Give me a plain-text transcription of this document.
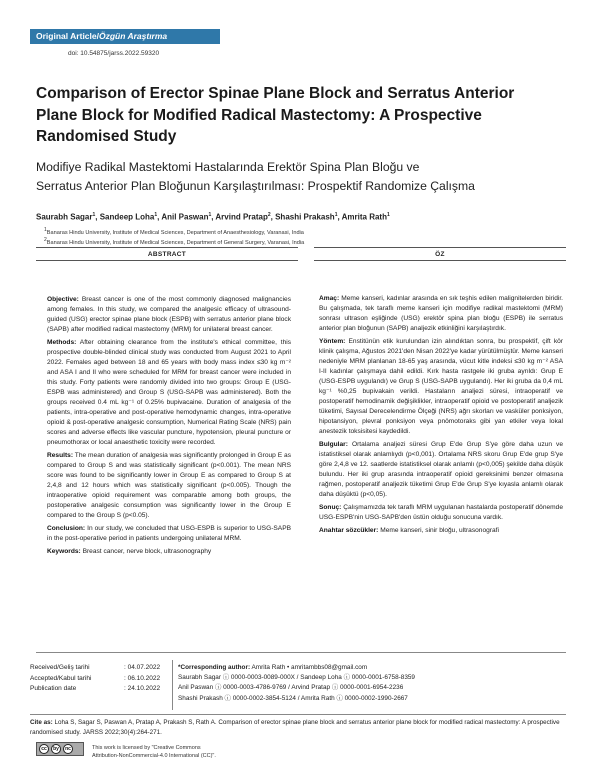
Original Article/Özgün Araştırma
doi: 10.54875/jarss.2022.59320
Comparison of Erector Spinae Plane Block and Serratus Anterior
Plane Block for Modified Radical Mastectomy: A Prospective
Randomised Study
Modifiye Radikal Mastektomi Hastalarında Erektör Spina Plan Bloğu ve
Serratus Anterior Plan Bloğunun Karşılaştırılması: Prospektif Randomize Çalışma
Saurabh Sagar$^1$, Sandeep Loha$^1$, Anil Paswan$^1$, Arvind Pratap$^2$, Shashi Prakash$^1$, Amrita Rath$^1$
$^1$Banaras Hindu University, Institute of Medical Sciences, Department of Anaesthesiology, Varanasi, India
$^2$Banaras Hindu University, Institute of Medical Sciences, Department of General Surgery, Varanasi, India
ABSTRACT	ÖZ

Objective: Breast cancer is one of the most commonly diagnosed malignancies among females. In this study, we compared the analgesic efficacy of ultrasound-guided (USG) erector spinae plane block (ESPB) with serratus anterior plane block (SAPB) after modified radical mastectomy (MRM) for unilateral breast cancer.

Methods: After obtaining clearance from the institute's ethical committee, this prospective double-blinded clinical study was conducted from August 2021 to April 2022. Females aged between 18 and 65 years with body mass index ≤30 kg m⁻² and ASA I and II who were scheduled for MRM for breast cancer were included in this study. Forty patients were randomly divided into two groups: Group E (USG-ESPB was administered) and Group S (USG-SAPB was administered). Both the groups received 0.4 mL kg⁻¹ of 0.25% bupivacaine. Duration of analgesia of the patients, intra-operative and post-operative hemodynamic changes, intra-operative opioid & post-operative analgesic consumption, Numerical Rating Scale (NRS) pain scores and adverse effects like vascular puncture, hypotension, pleural puncture or pneumothorax or local anaesthetic toxicity were recorded.

Results: The mean duration of analgesia was significantly prolonged in Group E as compared to Group S and was statistically significant (p<0.001). The mean NRS score was found to be significantly lower in Group E as compared to Group S at 2,4,8 and 12 hours which was statistically significant (p<0.005). Though the intraoperative opioid requirement was comparable among both groups, the postoperative analgesic consumption was significantly lower in the Group E compared to the Group S (p<0.05).

Conclusion: In our study, we concluded that USG-ESPB is superior to USG-SAPB in the post-operative period in patients undergoing unilateral MRM.

Keywords: Breast cancer, nerve block, ultrasonography

Amaç: Meme kanseri, kadınlar arasında en sık teşhis edilen malignitelerden biridir. Bu çalışmada, tek taraflı meme kanseri için modifiye radikal mastektomi (MRM) sonrası ultrason eşliğinde (USG) erektör spina plan bloğu (ESPB) ile serratus anterior plan bloğunun (SAPB) analjezik etkinliğini karşılaştırdık.

Yöntem: Enstitünün etik kurulundan izin alındıktan sonra, bu prospektif, çift kör klinik çalışma, Ağustos 2021'den Nisan 2022'ye kadar yürütülmüştür. Meme kanseri nedeniyle MRM planlanan 18-65 yaş arasında, vücut kitle indeksi ≤30 kg m⁻² ASA I-II kadınlar çalışmaya dahil edildi. Kırk hasta rastgele iki gruba ayrıldı: Grup E (USG-ESPB uygulandı) ve Grup S (USG-SAPB uygulandı). Her iki gruba da 0,4 mL kg⁻¹ %0,25 bupivakain verildi. Hastaların analjezi süresi, intraoperatif ve postoperatif hemodinamik değişiklikler, intraoperatif opioid ve postoperatif analjezik tüketimi, Sayısal Derecelendirme Ölçeği (NRS) ağrı skorları ve vasküler ponksiyon, hipotansiyon, plevral ponksiyon veya pnömotoraks gibi yan etkiler veya lokal anestezik toksisitesi kaydedildi.

Bulgular: Ortalama analjezi süresi Grup E'de Grup S'ye göre daha uzun ve istatistiksel olarak anlamlıydı (p<0,001). Ortalama NRS skoru Grup E'de grup S'ye göre 2,4,8 ve 12. saatlerde istatistiksel olarak anlamlı (p<0,005) şekilde daha düşük bulundu. Her iki grup arasında intraoperatif opioid gereksinimi benzer olmasına rağmen, postoperatif analjezik tüketimi Grup E'de Grup S'ye kıyasla anlamlı olarak daha düşüktü (p<0,05).

Sonuç: Çalışmamızda tek taraflı MRM uygulanan hastalarda postoperatif dönemde USG-ESPB'nin USG-SAPB'den üstün olduğu sonucuna vardık.

Anahtar sözcükler: Meme kanseri, sinir bloğu, ultrasonografi

Received/Geliş tarihi	: 04.07.2022
Accepted/Kabul tarihi	: 06.10.2022
Publication date	: 24.10.2022
*Corresponding author: Amrita Rath • amritambbs08@gmail.com
Saurabh Sagar ⓘ 0000-0003-0089-000X / Sandeep Loha ⓘ 0000-0001-6758-8359
Anil Paswan ⓘ 0000-0003-4786-9769 / Arvind Pratap ⓘ 0000-0001-6954-2236
Shashi Prakash ⓘ 0000-0002-3854-5124 / Amrita Rath ⓘ 0000-0002-1990-2667
Cite as: Loha S, Sagar S, Paswan A, Pratap A, Prakash S, Rath A. Comparison of erector spinae plane block and serratus anterior plane block for modified radical mastectomy: A prospective randomised study. JARSS 2022;30(4):264-271.
cc	by	nc	This work is licensed by "Creative Commons
Attribution-NonCommercial-4.0 International (CC)".
